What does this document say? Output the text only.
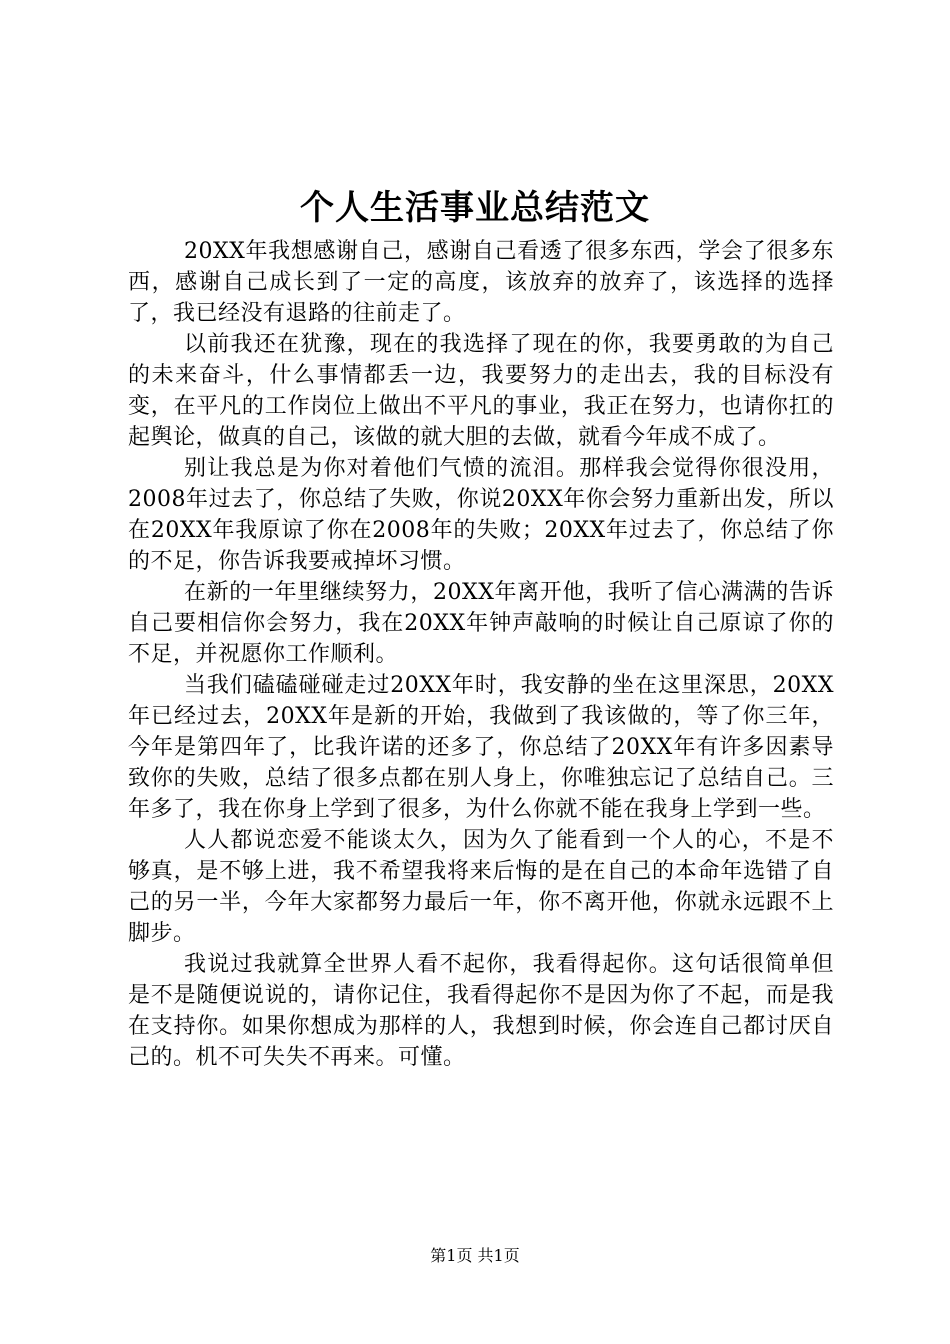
个人生活事业总结范文

20XX年我想感谢自己，感谢自己看透了很多东西，学会了很多东西，感谢自己成长到了一定的高度，该放弃的放弃了，该选择的选择了，我已经没有退路的往前走了。

以前我还在犹豫，现在的我选择了现在的你，我要勇敢的为自己的未来奋斗，什么事情都丢一边，我要努力的走出去，我的目标没有变，在平凡的工作岗位上做出不平凡的事业，我正在努力，也请你扛的起舆论，做真的自己，该做的就大胆的去做，就看今年成不成了。

别让我总是为你对着他们气愤的流泪。那样我会觉得你很没用，2008年过去了，你总结了失败，你说20XX年你会努力重新出发，所以在20XX年我原谅了你在2008年的失败；20XX年过去了，你总结了你的不足，你告诉我要戒掉坏习惯。

在新的一年里继续努力，20XX年离开他，我听了信心满满的告诉自己要相信你会努力，我在20XX年钟声敲响的时候让自己原谅了你的不足，并祝愿你工作顺利。

当我们磕磕碰碰走过20XX年时，我安静的坐在这里深思，20XX年已经过去，20XX年是新的开始，我做到了我该做的，等了你三年，今年是第四年了，比我许诺的还多了，你总结了20XX年有许多因素导致你的失败，总结了很多点都在别人身上，你唯独忘记了总结自己。三年多了，我在你身上学到了很多，为什么你就不能在我身上学到一些。

人人都说恋爱不能谈太久，因为久了能看到一个人的心，不是不够真，是不够上进，我不希望我将来后悔的是在自己的本命年选错了自己的另一半，今年大家都努力最后一年，你不离开他，你就永远跟不上脚步。

我说过我就算全世界人看不起你，我看得起你。这句话很简单但是不是随便说说的，请你记住，我看得起你不是因为你了不起，而是我在支持你。如果你想成为那样的人，我想到时候，你会连自己都讨厌自己的。机不可失失不再来。可懂。

第1页 共1页
